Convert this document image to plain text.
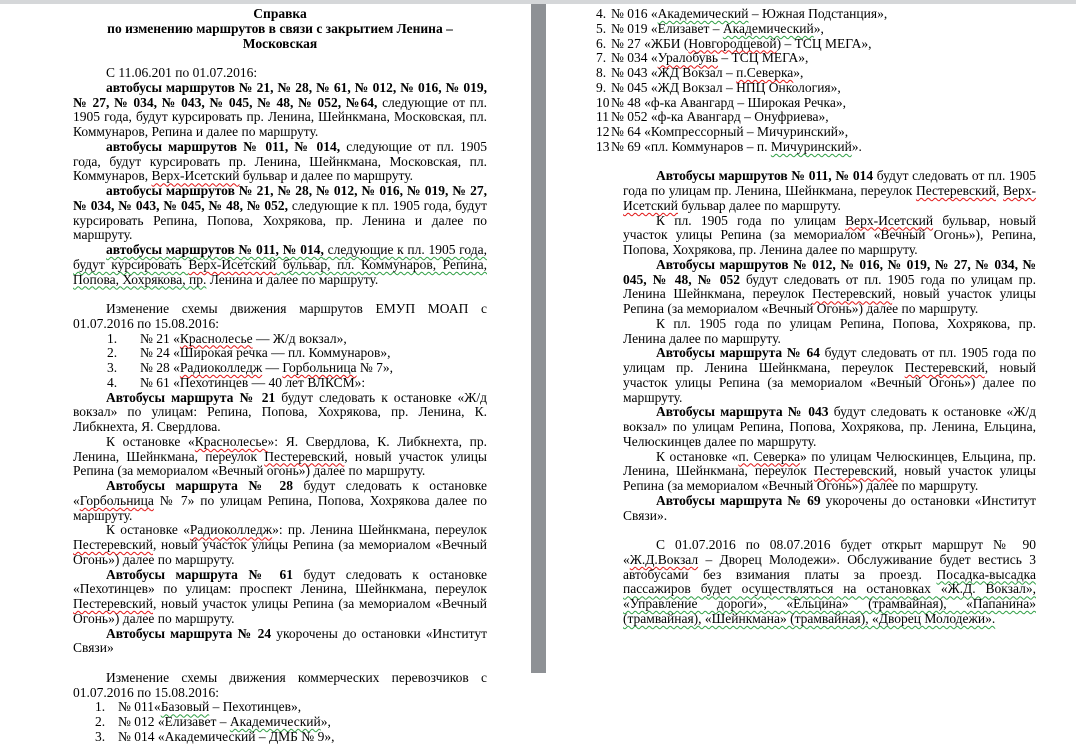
Справка
по изменению маршрутов в связи с закрытием Ленина – Московская
С 11.06.201 по 01.07.2016:
автобусы маршрутов № 21, № 28, № 61, № 012, № 016, № 019, № 27, № 034, № 043, № 045, № 48, № 052, №64, следующие от пл. 1905 года, будут курсировать пр. Ленина, Шейнкмана, Московская, пл. Коммунаров, Репина и далее по маршруту.
автобусы маршрутов № 011, № 014, следующие от пл. 1905 года, будут курсировать пр. Ленина, Шейнкмана, Московская, пл. Коммунаров, Верх-Исетский бульвар и далее по маршруту.
автобусы маршрутов № 21, № 28, № 012, № 016, № 019, № 27, № 034, № 043, № 045, № 48, № 052, следующие к пл. 1905 года, будут курсировать Репина, Попова, Хохрякова, пр. Ленина и далее по маршруту.
автобусы маршрутов № 011, № 014, следующие к пл. 1905 года, будут курсировать Верх-Исетский бульвар, пл. Коммунаров, Репина, Попова, Хохрякова, пр. Ленина и далее по маршруту.
Изменение схемы движения маршрутов ЕМУП МОАП с 01.07.2016 по 15.08.2016:
1. № 21 «Краснолесье — Ж/д вокзал»,
2. № 24 «Широкая речка — пл. Коммунаров»,
3. № 28 «Радиоколледж — Горбольница № 7»,
4. № 61 «Пехотинцев — 40 лет ВЛКСМ»:
Автобусы маршрута № 21 будут следовать к остановке «Ж/д вокзал» по улицам: Репина, Попова, Хохрякова, пр. Ленина, К. Либкнехта, Я. Свердлова.
К остановке «Краснолесье»: Я. Свердлова, К. Либкнехта, пр. Ленина, Шейнкмана, переулок Пестеревский, новый участок улицы Репина (за мемориалом «Вечный огонь») далее по маршруту.
Автобусы маршрута № 28 будут следовать к остановке «Горбольница № 7» по улицам Репина, Попова, Хохрякова далее по маршруту.
К остановке «Радиоколледж»: пр. Ленина Шейнкмана, переулок Пестеревский, новый участок улицы Репина (за мемориалом «Вечный Огонь») далее по маршруту.
Автобусы маршрута № 61 будут следовать к остановке «Пехотинцев» по улицам: проспект Ленина, Шейнкмана, переулок Пестеревский, новый участок улицы Репина (за мемориалом «Вечный Огонь») далее по маршруту.
Автобусы маршрута № 24 укорочены до остановки «Институт Связи»
Изменение схемы движения коммерческих перевозчиков с 01.07.2016 по 15.08.2016:
1. № 011«Базовый – Пехотинцев»,
2. № 012 «Елизавет – Академический»,
3. № 014 «Академический – ДМБ № 9»,
4. № 016 «Академический – Южная Подстанция»,
5. № 019 «Елизавет – Академический»,
6. № 27 «ЖБИ (Новгородцевой) – ТСЦ МЕГА»,
7. № 034 «Уралобувь – ТСЦ МЕГА»,
8. № 043 «ЖД Вокзал – п.Северка»,
9. № 045 «ЖД Вокзал – НПЦ Онкология»,
10 № 48 «ф-ка Авангард – Широкая Речка»,
11 № 052 «ф-ка Авангард – Онуфриева»,
12 № 64 «Компрессорный – Мичуринский»,
13 № 69 «пл. Коммунаров – п. Мичуринский».
Автобусы маршрутов № 011, № 014 будут следовать от пл. 1905 года по улицам пр. Ленина, Шейнкмана, переулок Пестеревский, Верх-Исетский бульвар далее по маршруту.
К пл. 1905 года по улицам Верх-Исетский бульвар, новый участок улицы Репина (за мемориалом «Вечный Огонь»), Репина, Попова, Хохрякова, пр. Ленина далее по маршруту.
Автобусы маршрутов № 012, № 016, № 019, № 27, № 034, № 045, № 48, № 052 будут следовать от пл. 1905 года по улицам пр. Ленина Шейнкмана, переулок Пестеревский, новый участок улицы Репина (за мемориалом «Вечный Огонь») далее по маршруту.
К пл. 1905 года по улицам Репина, Попова, Хохрякова, пр. Ленина далее по маршруту.
Автобусы маршрута № 64 будут следовать от пл. 1905 года по улицам пр. Ленина Шейнкмана, переулок Пестеревский, новый участок улицы Репина (за мемориалом «Вечный Огонь») далее по маршруту.
Автобусы маршрута № 043 будут следовать к остановке «Ж/д вокзал» по улицам Репина, Попова, Хохрякова, пр. Ленина, Ельцина, Челюскинцев далее по маршруту.
К остановке «п. Северка» по улицам Челюскинцев, Ельцина, пр. Ленина, Шейнкмана, переулок Пестеревский, новый участок улицы Репина (за мемориалом «Вечный Огонь») далее по маршруту.
Автобусы маршрута № 69 укорочены до остановки «Институт Связи».
С 01.07.2016 по 08.07.2016 будет открыт маршрут № 90 «Ж.Д.Вокзал – Дворец Молодежи». Обслуживание будет вестись 3 автобусами без взимания платы за проезд. Посадка-высадка пассажиров будет осуществляться на остановках «Ж.Д. Вокзал», «Управление дороги», «Ельцина» (трамвайная), «Папанина» (трамвайная), «Шейнкмана» (трамвайная), «Дворец Молодежи».
